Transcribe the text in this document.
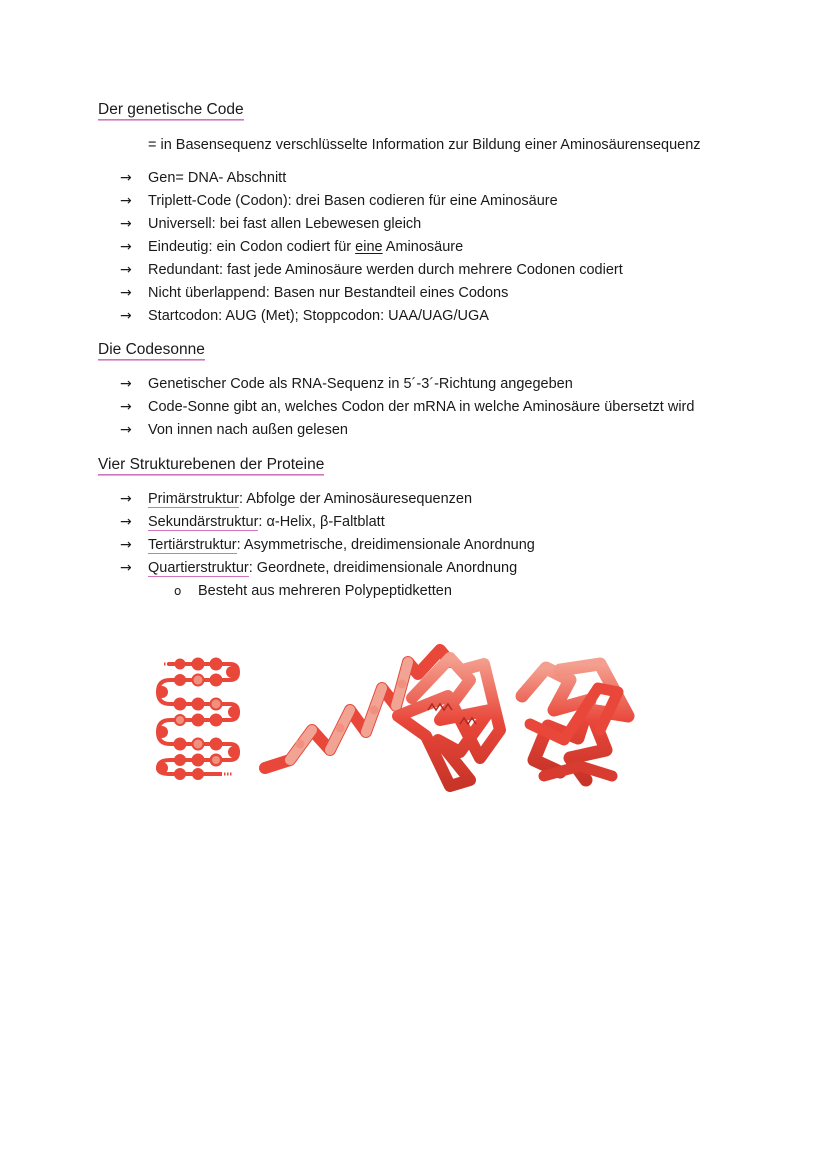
Der genetische Code
= in Basensequenz verschlüsselte Information zur Bildung einer Aminosäurensequenz
→	Gen= DNA- Abschnitt
→	Triplett-Code (Codon): drei Basen codieren für eine Aminosäure
→	Universell: bei fast allen Lebewesen gleich
→	Eindeutig: ein Codon codiert für eine Aminosäure
→	Redundant: fast jede Aminosäure werden durch mehrere Codonen codiert
→	Nicht überlappend: Basen nur Bestandteil eines Codons
→	Startcodon: AUG (Met); Stoppcodon: UAA/UAG/UGA
Die Codesonne
→	Genetischer Code als RNA-Sequenz in 5´-3´-Richtung angegeben
→	Code-Sonne gibt an, welches Codon der mRNA in welche Aminosäure übersetzt wird
→	Von innen nach außen gelesen
Vier Strukturebenen der Proteine
→	Primärstruktur: Abfolge der Aminosäuresequenzen
→	Sekundärstruktur: α-Helix, β-Faltblatt
→	Tertiärstruktur: Asymmetrische, dreidimensionale Anordnung
→	Quartierstruktur: Geordnete, dreidimensionale Anordnung
o Besteht aus mehreren Polypeptidketten
